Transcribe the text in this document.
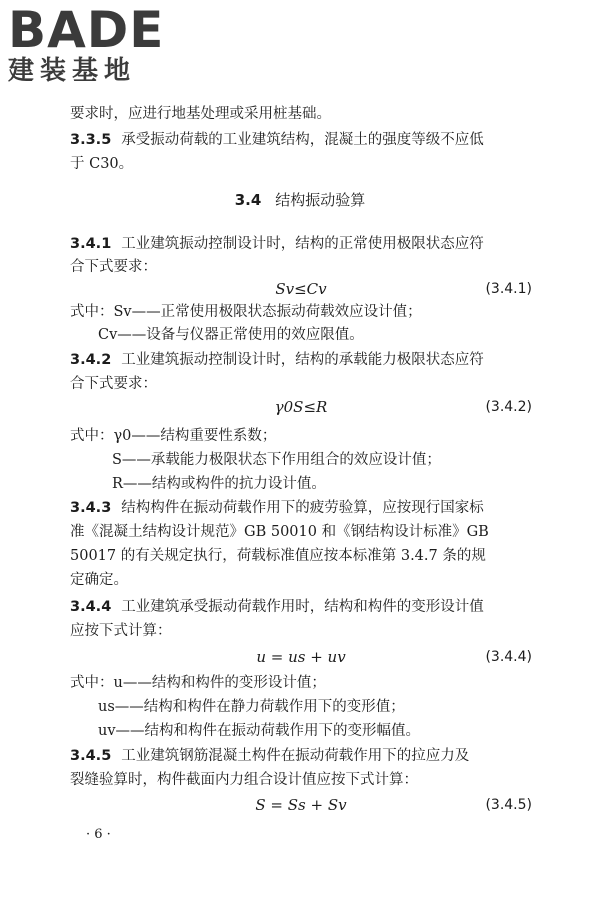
BADE
建装基地
要求时，应进行地基处理或采用桩基础。
3.3.5 承受振动荷载的工业建筑结构，混凝土的强度等级不应低
于 C30。
3.4 结构振动验算
3.4.1 工业建筑振动控制设计时，结构的正常使用极限状态应符
合下式要求：
Sv≤Cv	(3.4.1)
式中：Sv——正常使用极限状态振动荷载效应设计值；
Cv——设备与仪器正常使用的效应限值。
3.4.2 工业建筑振动控制设计时，结构的承载能力极限状态应符
合下式要求：
γ0S≤R	(3.4.2)
式中：γ0——结构重要性系数；
S——承载能力极限状态下作用组合的效应设计值；
R——结构或构件的抗力设计值。
3.4.3 结构构件在振动荷载作用下的疲劳验算，应按现行国家标
准《混凝土结构设计规范》GB 50010 和《钢结构设计标准》GB
50017 的有关规定执行，荷载标准值应按本标准第 3.4.7 条的规
定确定。
3.4.4 工业建筑承受振动荷载作用时，结构和构件的变形设计值
应按下式计算：
u = us + uv	(3.4.4)
式中：u——结构和构件的变形设计值；
us——结构和构件在静力荷载作用下的变形值；
uv——结构和构件在振动荷载作用下的变形幅值。
3.4.5 工业建筑钢筋混凝土构件在振动荷载作用下的拉应力及
裂缝验算时，构件截面内力组合设计值应按下式计算：
S = Ss + Sv	(3.4.5)
· 6 ·
